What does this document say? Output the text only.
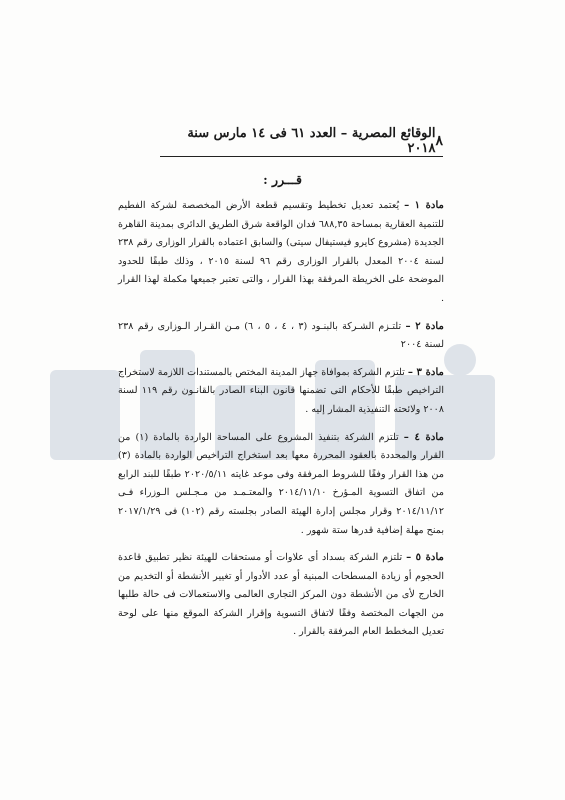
٨
الوقائع المصرية – العدد ٦١ فى ١٤ مارس سنة ٢٠١٨
قـــرر :

مادة ١ – يُعتمد تعديل تخطيط وتقسيم قطعة الأرض المخصصة لشركة الفطيم للتنمية العقارية بمساحة ٦٨٨,٣٥ فدان الواقعة شرق الطريق الدائرى بمدينة القاهرة الجديدة (مشروع كايرو فيستيفال سيتى) والسابق اعتماده بالقرار الوزارى رقم ٢٣٨ لسنة ٢٠٠٤ المعدل بالقرار الوزارى رقم ٩٦ لسنة ٢٠١٥ ، وذلك طبقًا للحدود الموضحة على الخريطة المرفقة بهذا القرار ، والتى تعتبر جميعها مكملة لهذا القرار .

مادة ٢ – تلتـزم الشـركة بالبنـود (٣ ، ٤ ، ٥ ، ٦) مـن القـرار الـوزارى رقم ٢٣٨ لسنة ٢٠٠٤

مادة ٣ – تلتزم الشركة بموافاة جهاز المدينة المختص بالمستندات اللازمة لاستخراج التراخيص طبقًا للأحكام التى تضمنها قانون البناء الصادر بالقانـون رقم ١١٩ لسنة ٢٠٠٨ ولائحته التنفيذية المشار إليه .

مادة ٤ – تلتزم الشركة بتنفيذ المشروع على المساحة الواردة بالمادة (١) من القرار والمحددة بالعقود المحررة معها بعد استخراج التراخيص الواردة بالمادة (٣) من هذا القرار وفقًا للشروط المرفقة وفى موعد غايته ٢٠٢٠/٥/١١ طبقًا للبند الرابع من اتفاق التسوية المـؤرخ ٢٠١٤/١١/١٠ والمعتـمـد من مـجـلس الـوزراء فـى ٢٠١٤/١١/١٢ وقرار مجلس إدارة الهيئة الصادر بجلسته رقم (١٠٢) فى ٢٠١٧/١/٢٩ بمنح مهلة إضافية قدرها ستة شهور .

مادة ٥ – تلتزم الشركة بسداد أى علاوات أو مستحقات للهيئة نظير تطبيق قاعدة الحجوم أو زيادة المسطحات المبنية أو عدد الأدوار أو تغيير الأنشطة أو التخديم من الخارج لأى من الأنشطة دون المركز التجارى العالمى والاستعمالات فى حالة طلبها من الجهات المختصة وفقًا لاتفاق التسوية وإقرار الشركة الموقع منها على لوحة تعديل المخطط العام المرفقة بالقرار .
